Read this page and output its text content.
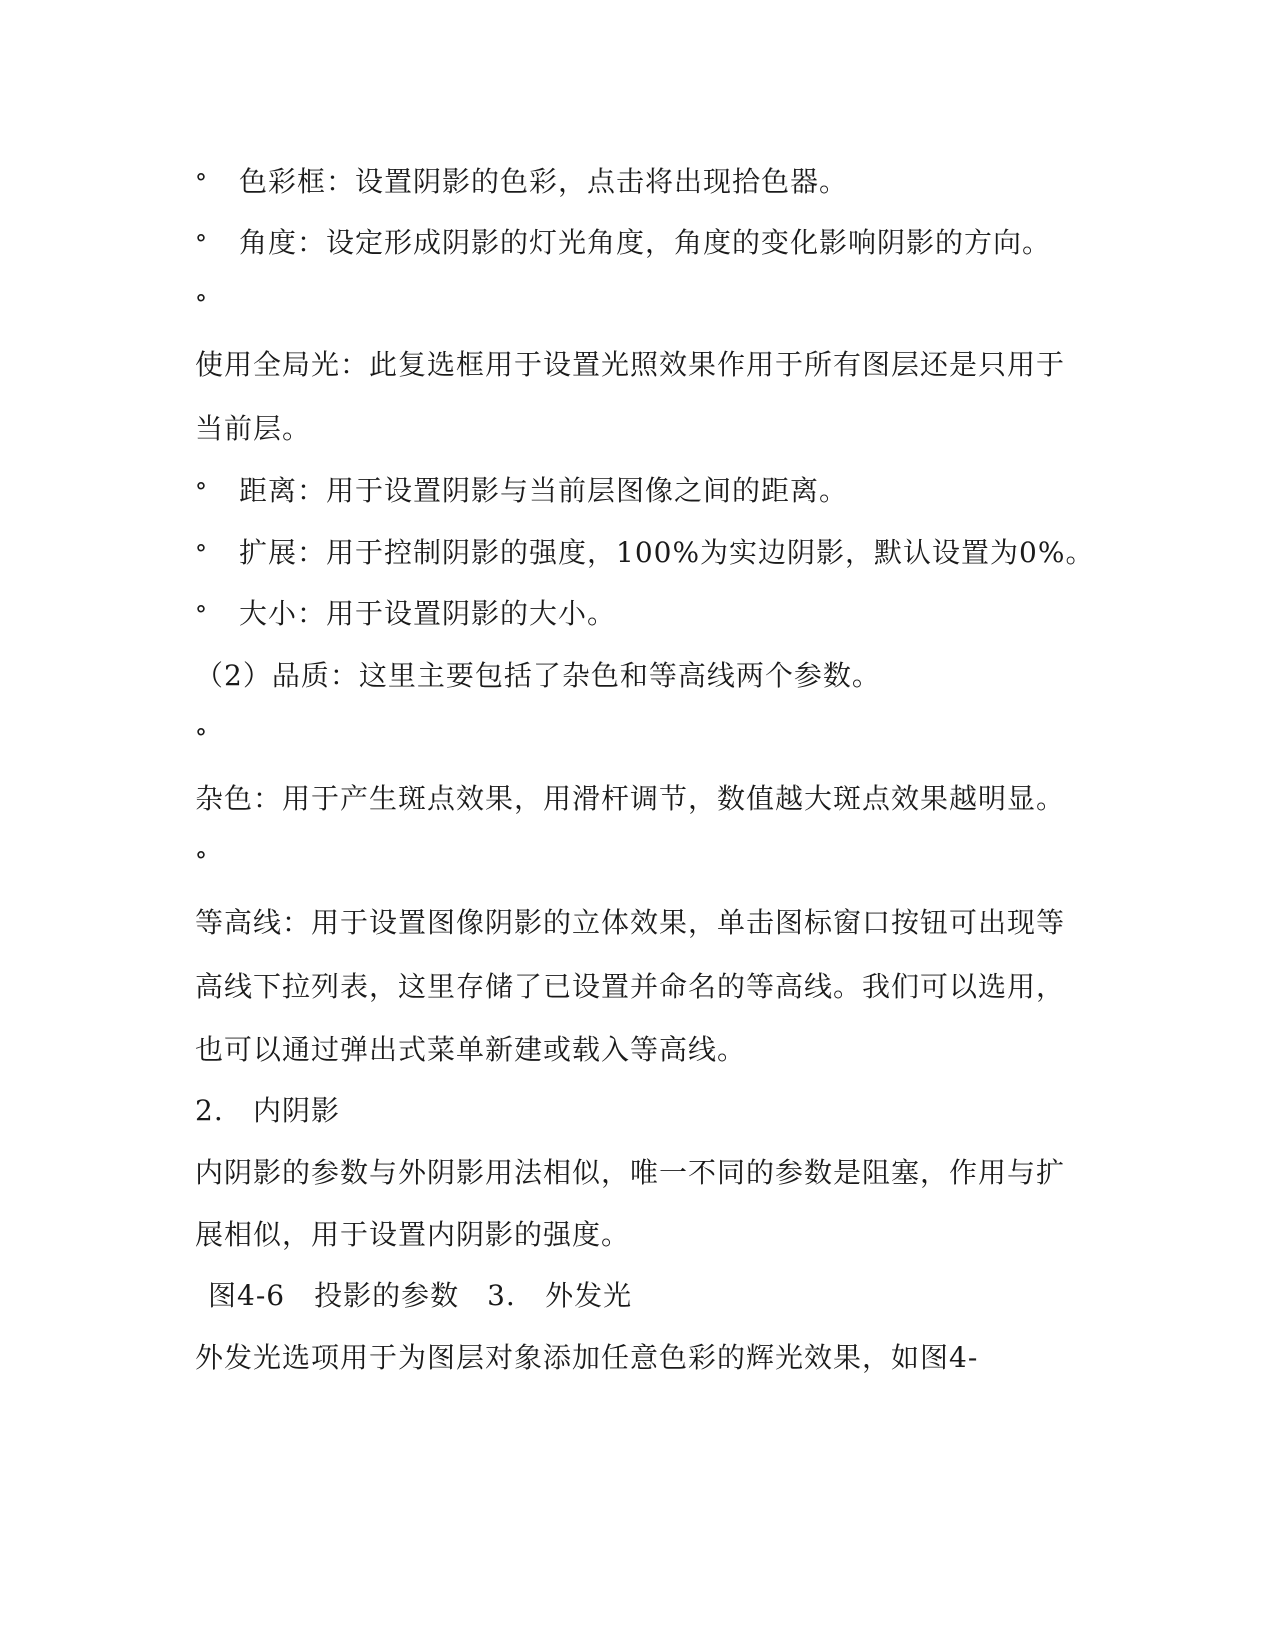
° 色彩框：设置阴影的色彩，点击将出现拾色器。
° 角度：设定形成阴影的灯光角度，角度的变化影响阴影的方向。
°
使用全局光：此复选框用于设置光照效果作用于所有图层还是只用于
当前层。
° 距离：用于设置阴影与当前层图像之间的距离。
° 扩展：用于控制阴影的强度，100%为实边阴影，默认设置为0%。
° 大小：用于设置阴影的大小。
（2）品质：这里主要包括了杂色和等高线两个参数。
°
杂色：用于产生斑点效果，用滑杆调节，数值越大斑点效果越明显。
°
等高线：用于设置图像阴影的立体效果，单击图标窗口按钮可出现等
高线下拉列表，这里存储了已设置并命名的等高线。我们可以选用，
也可以通过弹出式菜单新建或载入等高线。
2. 内阴影
内阴影的参数与外阴影用法相似，唯一不同的参数是阻塞，作用与扩
展相似，用于设置内阴影的强度。
图4-6　投影的参数 3. 外发光
外发光选项用于为图层对象添加任意色彩的辉光效果，如图4-
